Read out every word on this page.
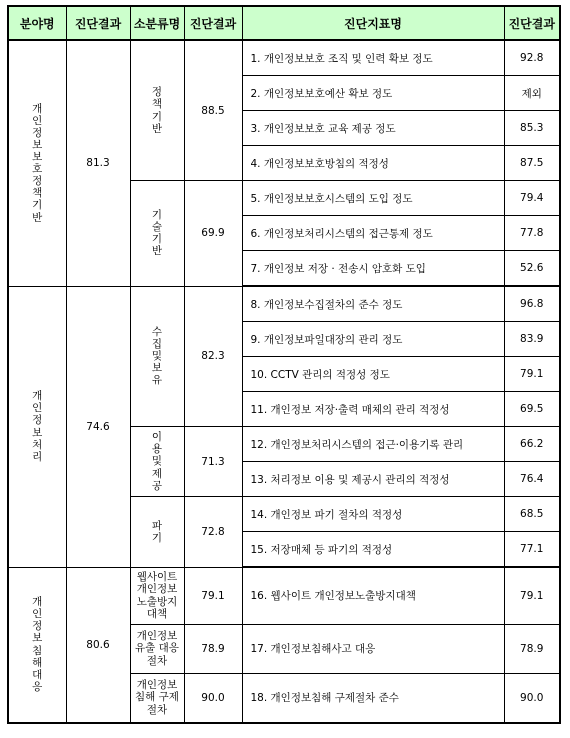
분야명	진단결과	소분류명	진단결과	진단지표명	진단결과
개인정보보호정책기반	81.3	정책기반	88.5	1. 개인정보보호 조직 및 인력 확보 정도	92.8
				2. 개인정보보호예산 확보 정도	제외
				3. 개인정보보호 교육 제공 정도	85.3
				4. 개인정보보호방침의 적정성	87.5
		기술기반	69.9	5. 개인정보보호시스템의 도입 정도	79.4
				6. 개인정보처리시스템의 접근통제 정도	77.8
				7. 개인정보 저장 · 전송시 암호화 도입	52.6
개인정보처리	74.6	수집 및 보유	82.3	8. 개인정보수집절차의 준수 정도	96.8
				9. 개인정보파일대장의 관리 정도	83.9
				10. CCTV 관리의 적정성 정도	79.1
				11. 개인정보 저장·출력 매체의 관리 적정성	69.5
		이용 및 제공	71.3	12. 개인정보처리시스템의 접근·이용기록 관리	66.2
				13. 처리정보 이용 및 제공시 관리의 적정성	76.4
		파기	72.8	14. 개인정보 파기 절차의 적정성	68.5
				15. 저장매체 등 파기의 적정성	77.1
개인정보침해대응	80.6	웹사이트 개인정보 노출방지 대책	79.1	16. 웹사이트 개인정보노출방지대책	79.1
		개인정보 유출 대응절차	78.9	17. 개인정보침해사고 대응	78.9
		개인정보 침해 구제절차	90.0	18. 개인정보침해 구제절차 준수	90.0
